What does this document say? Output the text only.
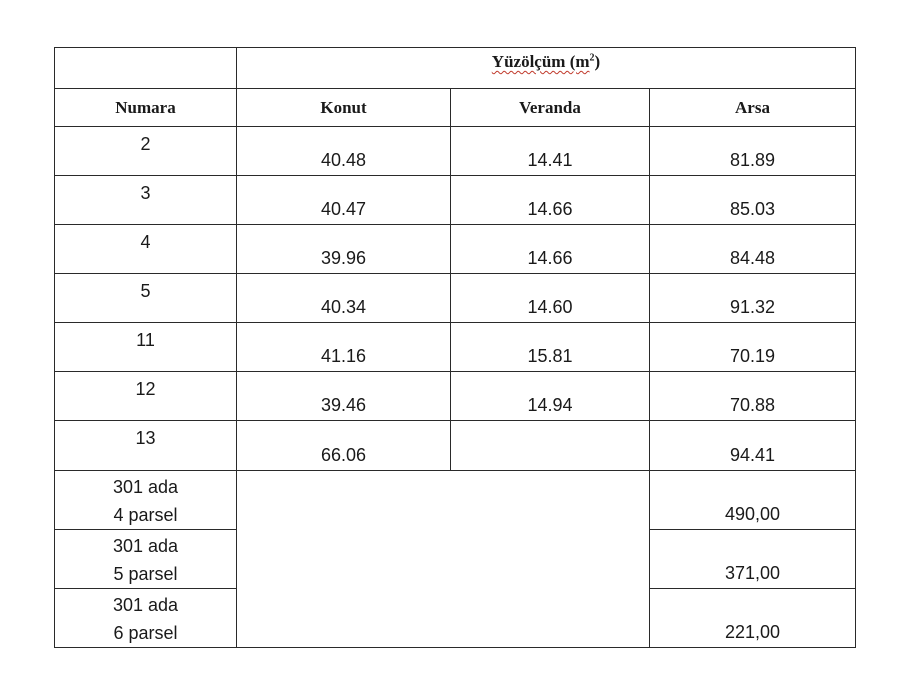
	Yüzölçüm $(m^2)$		
Numara	Konut	Veranda	Arsa
2	40.48	14.41	81.89
3	40.47	14.66	85.03
4	39.96	14.66	84.48
5	40.34	14.60	91.32
11	41.16	15.81	70.19
12	39.46	14.94	70.88
13	66.06		94.41

301 ada
4 parsel			490,00

301 ada
5 parsel			371,00

301 ada
6 parsel			221,00
